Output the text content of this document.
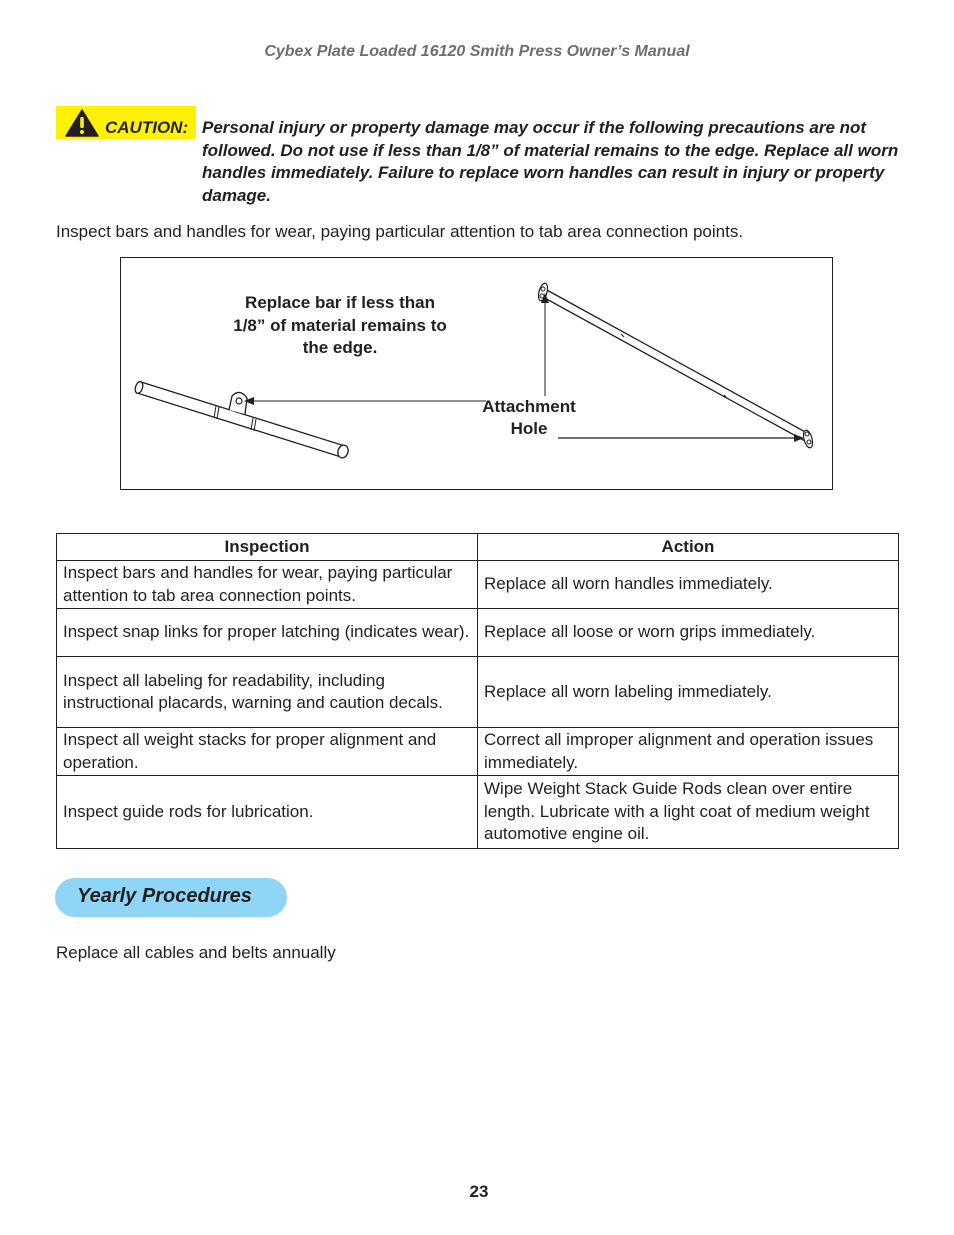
Cybex Plate Loaded 16120 Smith Press Owner’s Manual
CAUTION: Personal injury or property damage may occur if the following precautions are not followed. Do not use if less than 1/8” of material remains to the edge. Replace all worn handles immediately. Failure to replace worn handles can result in injury or property damage.
Inspect bars and handles for wear, paying particular attention to tab area connection points.
Replace bar if less than 1/8” of material remains to the edge.
Attachment Hole
Inspection	Action
Inspect bars and handles for wear, paying particular attention to tab area connection points.	Replace all worn handles immediately.
Inspect snap links for proper latching (indicates wear).	Replace all loose or worn grips immediately.
Inspect all labeling for readability, including instructional placards, warning and caution decals.	Replace all worn labeling immediately.
Inspect all weight stacks for proper alignment and operation.	Correct all improper alignment and operation issues immediately.
Inspect guide rods for lubrication.	Wipe Weight Stack Guide Rods clean over entire length. Lubricate with a light coat of medium weight automotive engine oil.
Yearly Procedures
Replace all cables and belts annually
23
